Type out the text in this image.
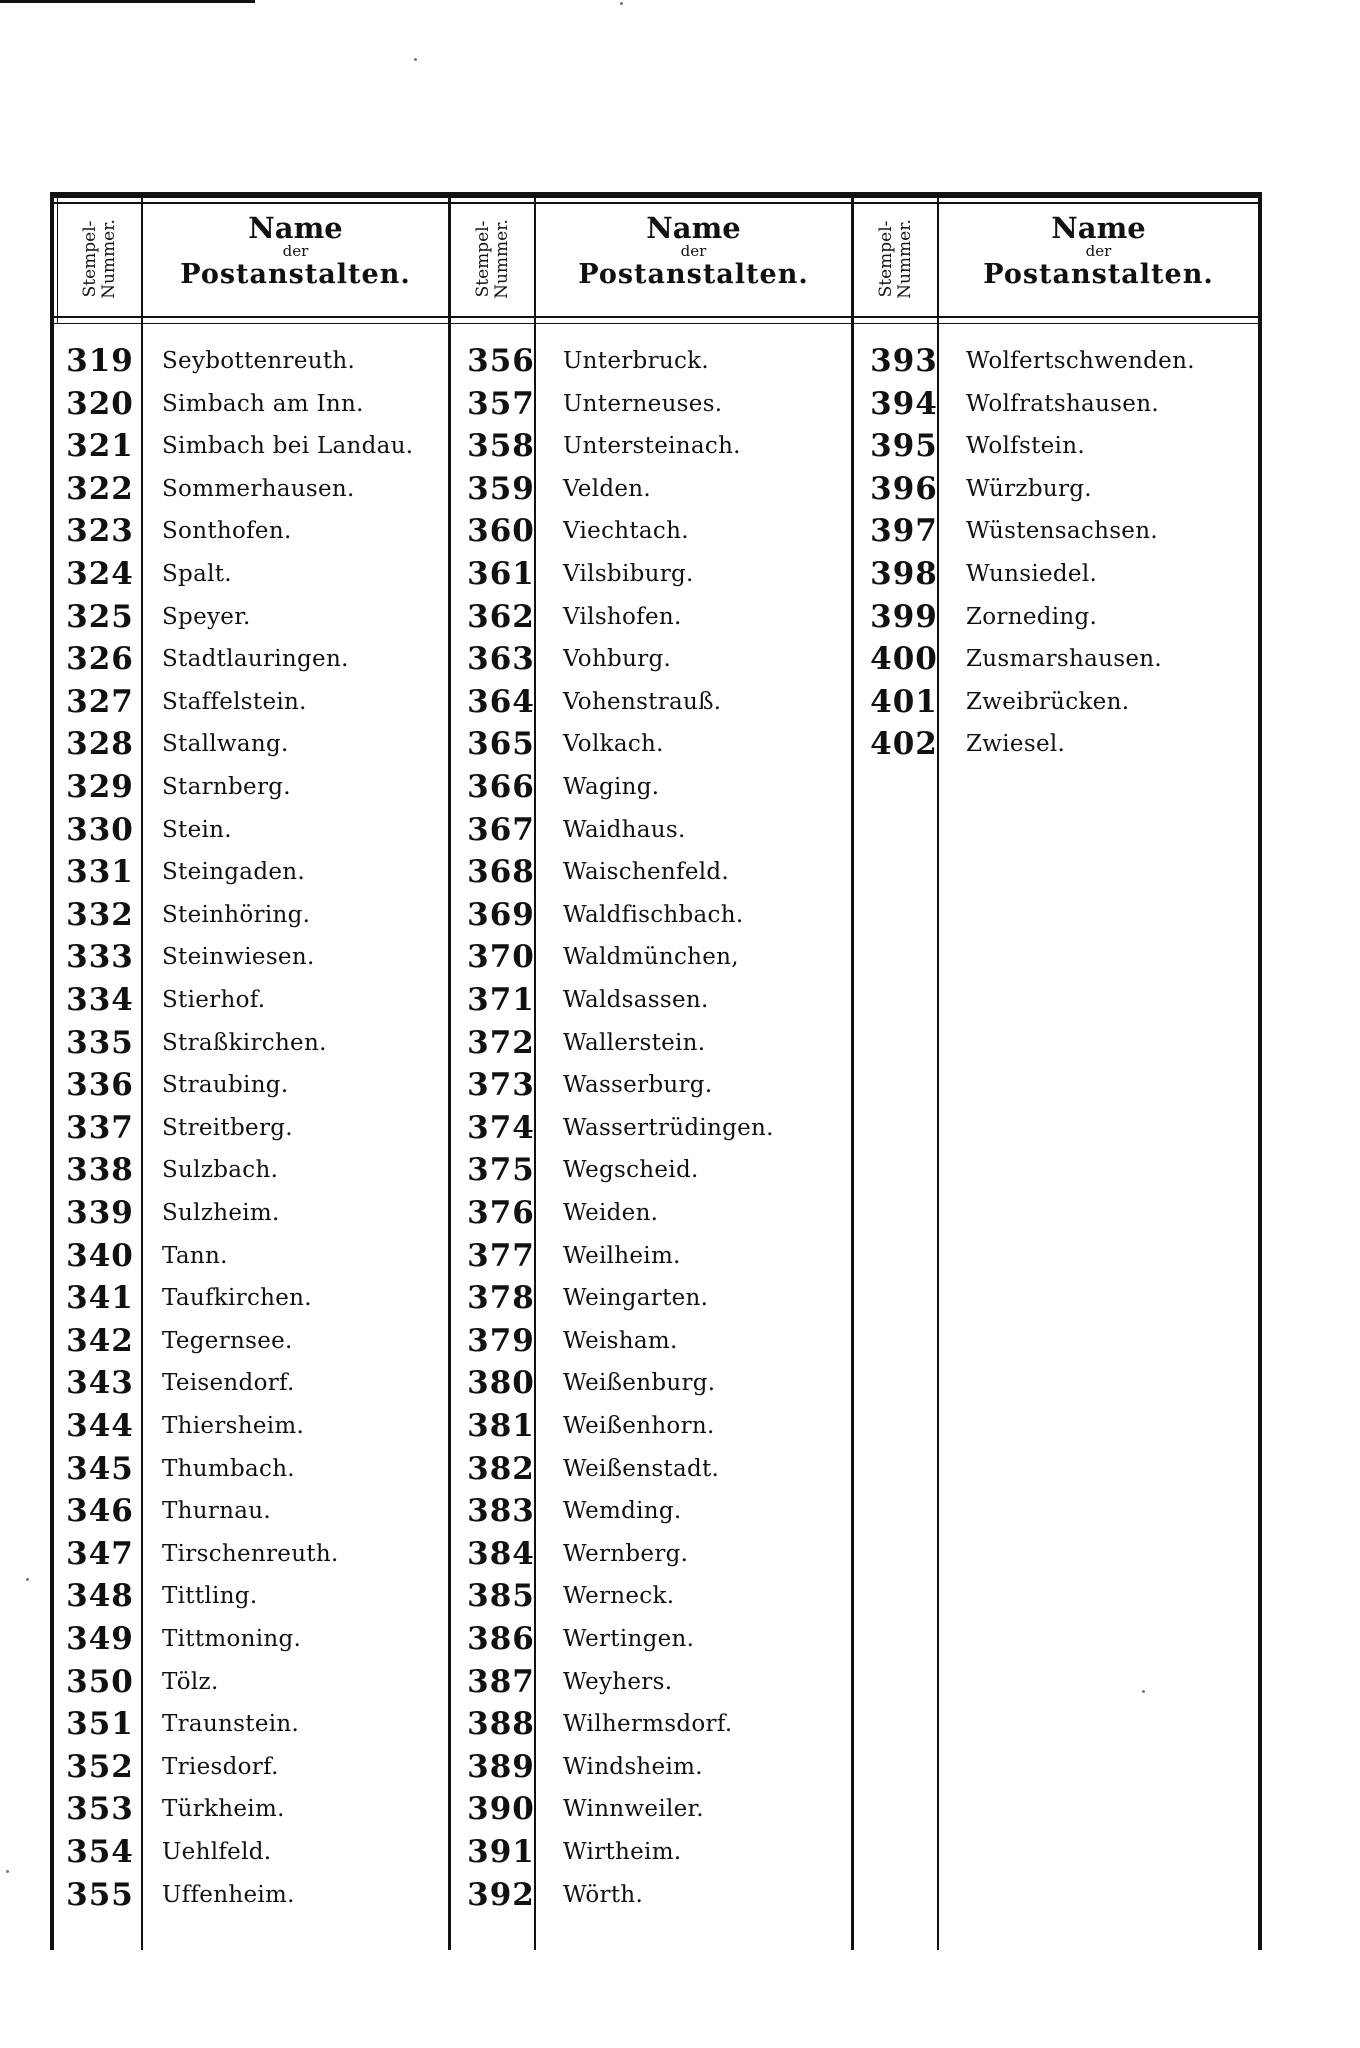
Stempel-
Nummer.	Name
der
Postanstalten.	Stempel-
Nummer.	Name
der
Postanstalten.	Stempel-
Nummer.	Name
der
Postanstalten.
319	Seybottenreuth.
320	Simbach am Inn.
321	Simbach bei Landau.
322	Sommerhausen.
323	Sonthofen.
324	Spalt.
325	Speyer.
326	Stadtlauringen.
327	Staffelstein.
328	Stallwang.
329	Starnberg.
330	Stein.
331	Steingaden.
332	Steinhöring.
333	Steinwiesen.
334	Stierhof.
335	Straßkirchen.
336	Straubing.
337	Streitberg.
338	Sulzbach.
339	Sulzheim.
340	Tann.
341	Taufkirchen.
342	Tegernsee.
343	Teisendorf.
344	Thiersheim.
345	Thumbach.
346	Thurnau.
347	Tirschenreuth.
348	Tittling.
349	Tittmoning.
350	Tölz.
351	Traunstein.
352	Triesdorf.
353	Türkheim.
354	Uehlfeld.
355	Uffenheim.
356	Unterbruck.
357	Unterneuses.
358	Untersteinach.
359	Velden.
360	Viechtach.
361	Vilsbiburg.
362	Vilshofen.
363	Vohburg.
364	Vohenstrauß.
365	Volkach.
366	Waging.
367	Waidhaus.
368	Waischenfeld.
369	Waldfischbach.
370	Waldmünchen,
371	Waldsassen.
372	Wallerstein.
373	Wasserburg.
374	Wassertrüdingen.
375	Wegscheid.
376	Weiden.
377	Weilheim.
378	Weingarten.
379	Weisham.
380	Weißenburg.
381	Weißenhorn.
382	Weißenstadt.
383	Wemding.
384	Wernberg.
385	Werneck.
386	Wertingen.
387	Weyhers.
388	Wilhermsdorf.
389	Windsheim.
390	Winnweiler.
391	Wirtheim.
392	Wörth.
393	Wolfertschwenden.
394	Wolfratshausen.
395	Wolfstein.
396	Würzburg.
397	Wüstensachsen.
398	Wunsiedel.
399	Zorneding.
400	Zusmarshausen.
401	Zweibrücken.
402	Zwiesel.
